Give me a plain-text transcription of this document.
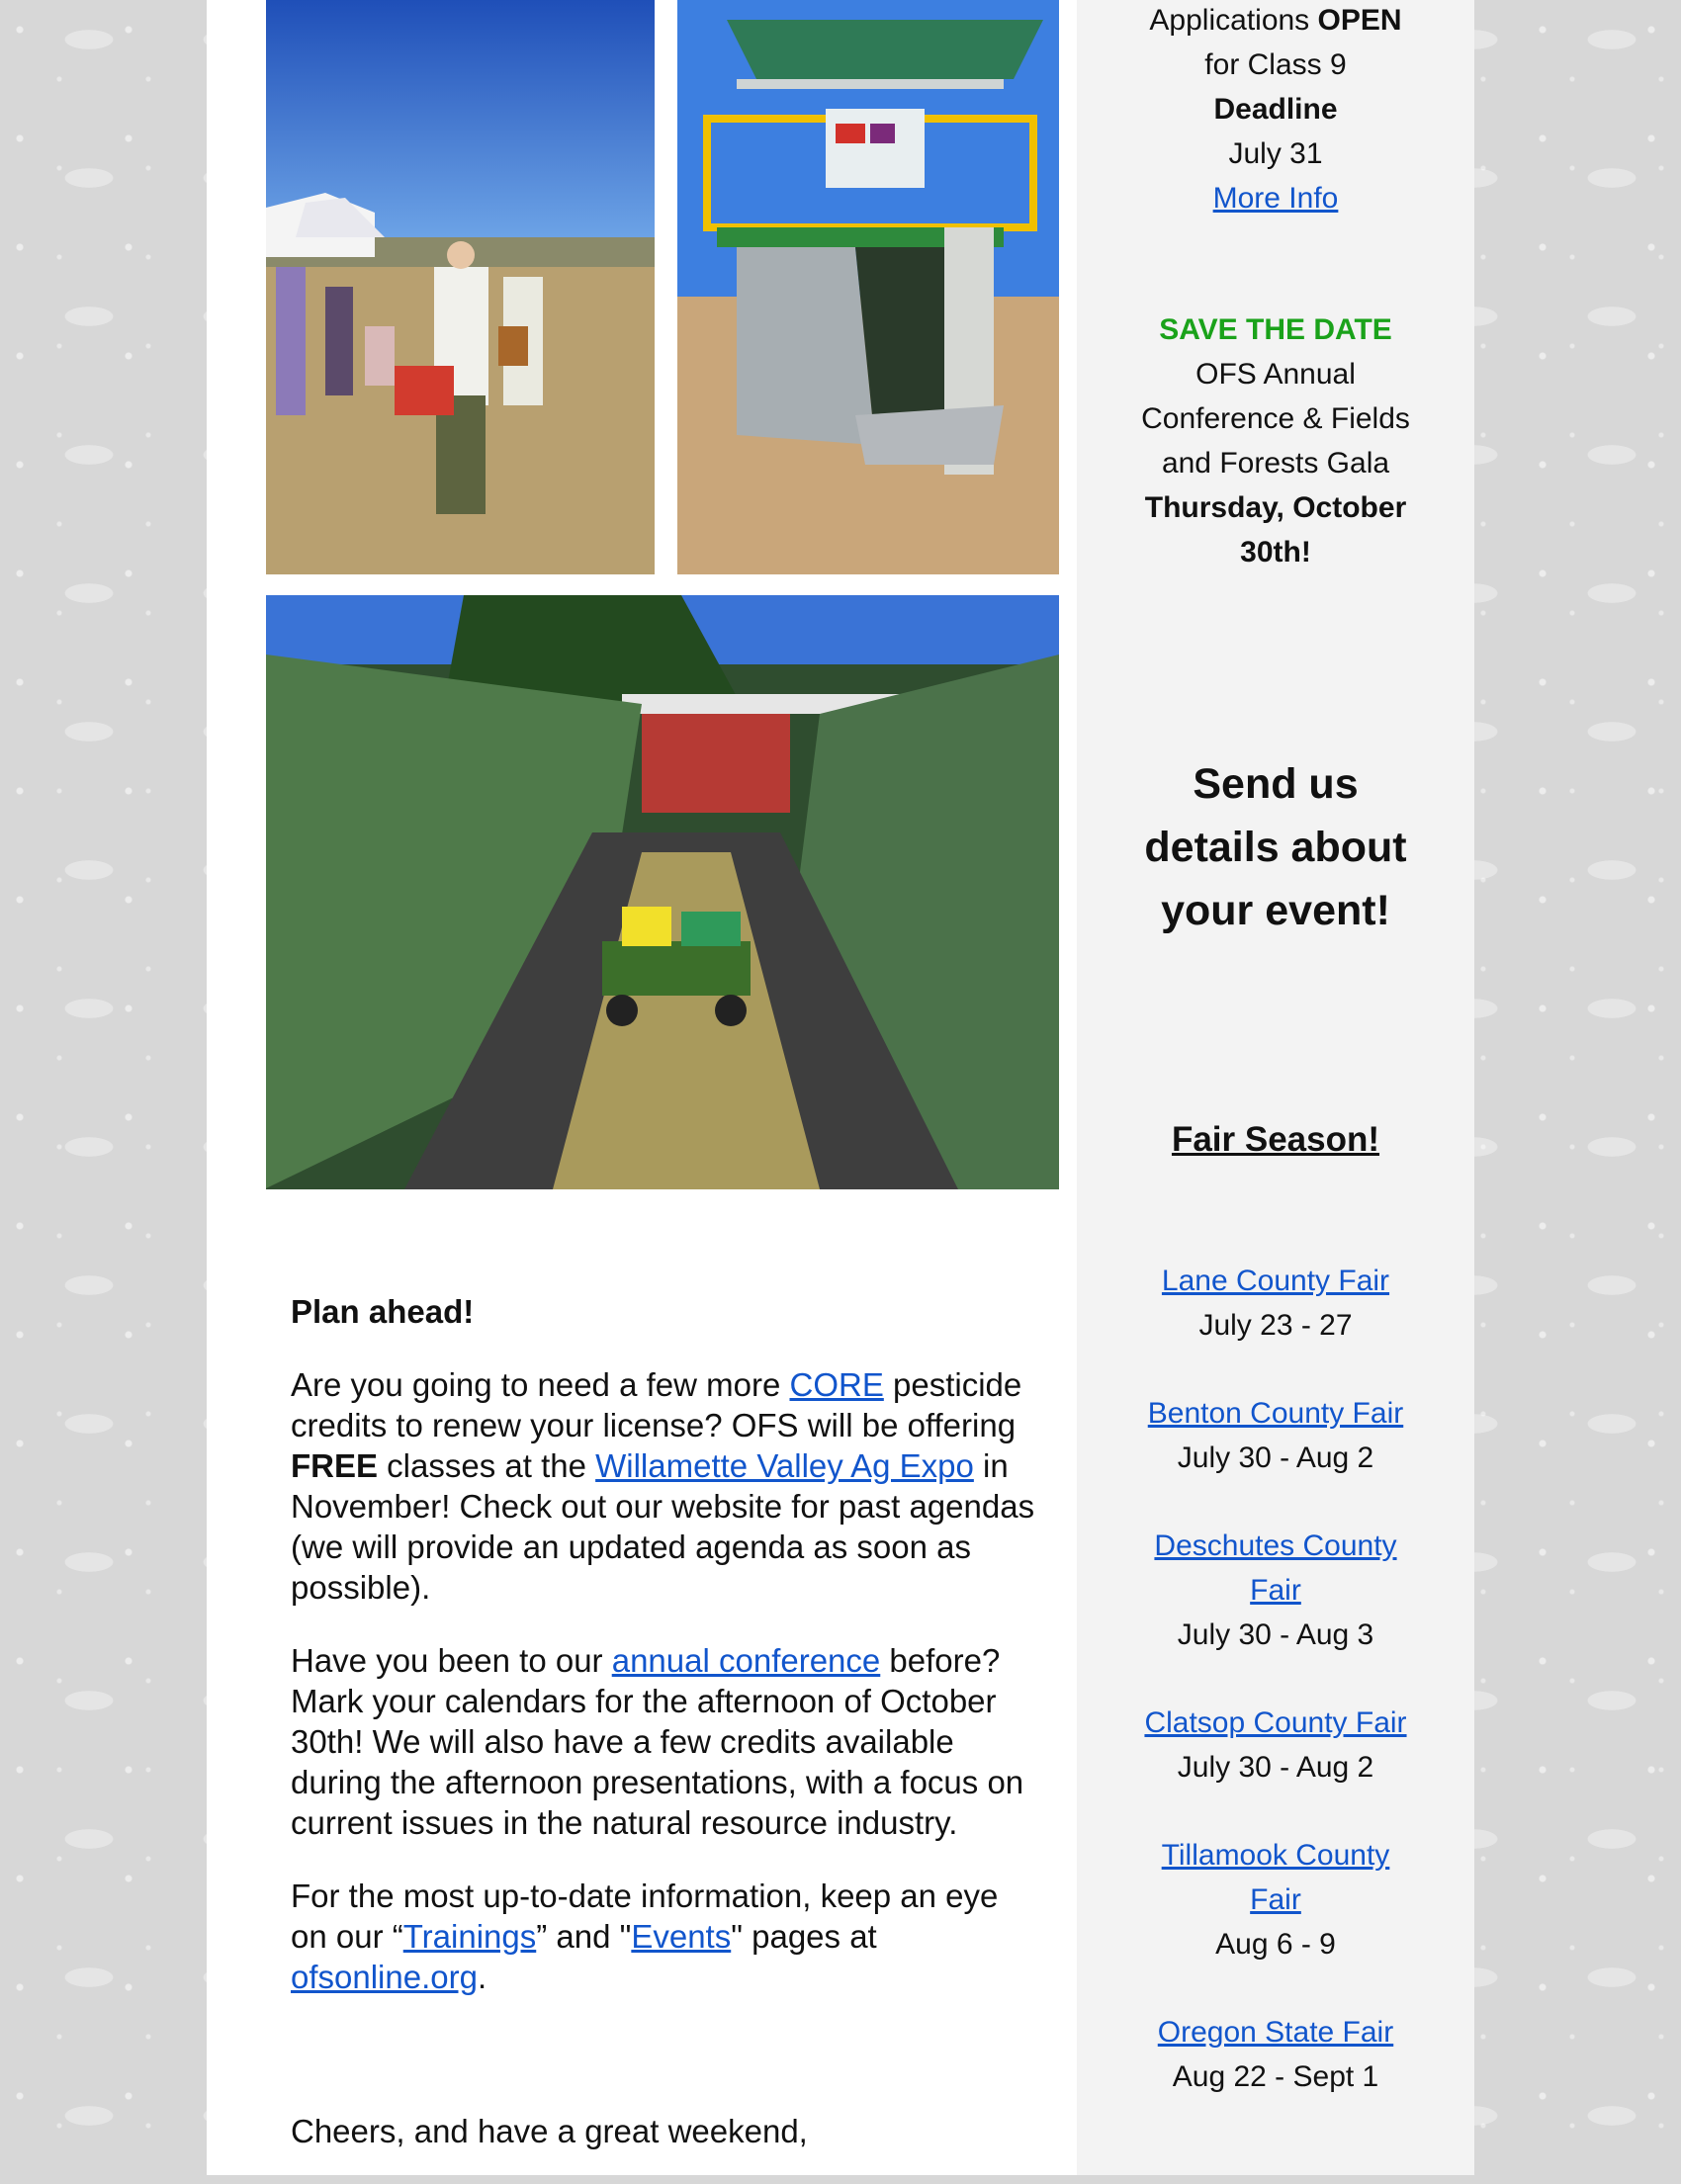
Plan ahead!

Are you going to need a few more CORE pesticide credits to renew your license? OFS will be offering FREE classes at the Willamette Valley Ag Expo in November! Check out our website for past agendas (we will provide an updated agenda as soon as possible).

Have you been to our annual conference before? Mark your calendars for the afternoon of October 30th! We will also have a few credits available during the afternoon presentations, with a focus on current issues in the natural resource industry.

For the most up-to-date information, keep an eye on our “Trainings” and "Events" pages at ofsonline.org.

Cheers, and have a great weekend,

Applications OPEN
for Class 9
Deadline
July 31
More Info
SAVE THE DATE
OFS Annual
Conference & Fields
and Forests Gala
Thursday, October
30th!
Send us
details about
your event!
Fair Season!
Lane County Fair
July 23 - 27
Benton County Fair
July 30 - Aug 2
Deschutes County
Fair
July 30 - Aug 3
Clatsop County Fair
July 30 - Aug 2
Tillamook County
Fair
Aug 6 - 9
Oregon State Fair
Aug 22 - Sept 1
